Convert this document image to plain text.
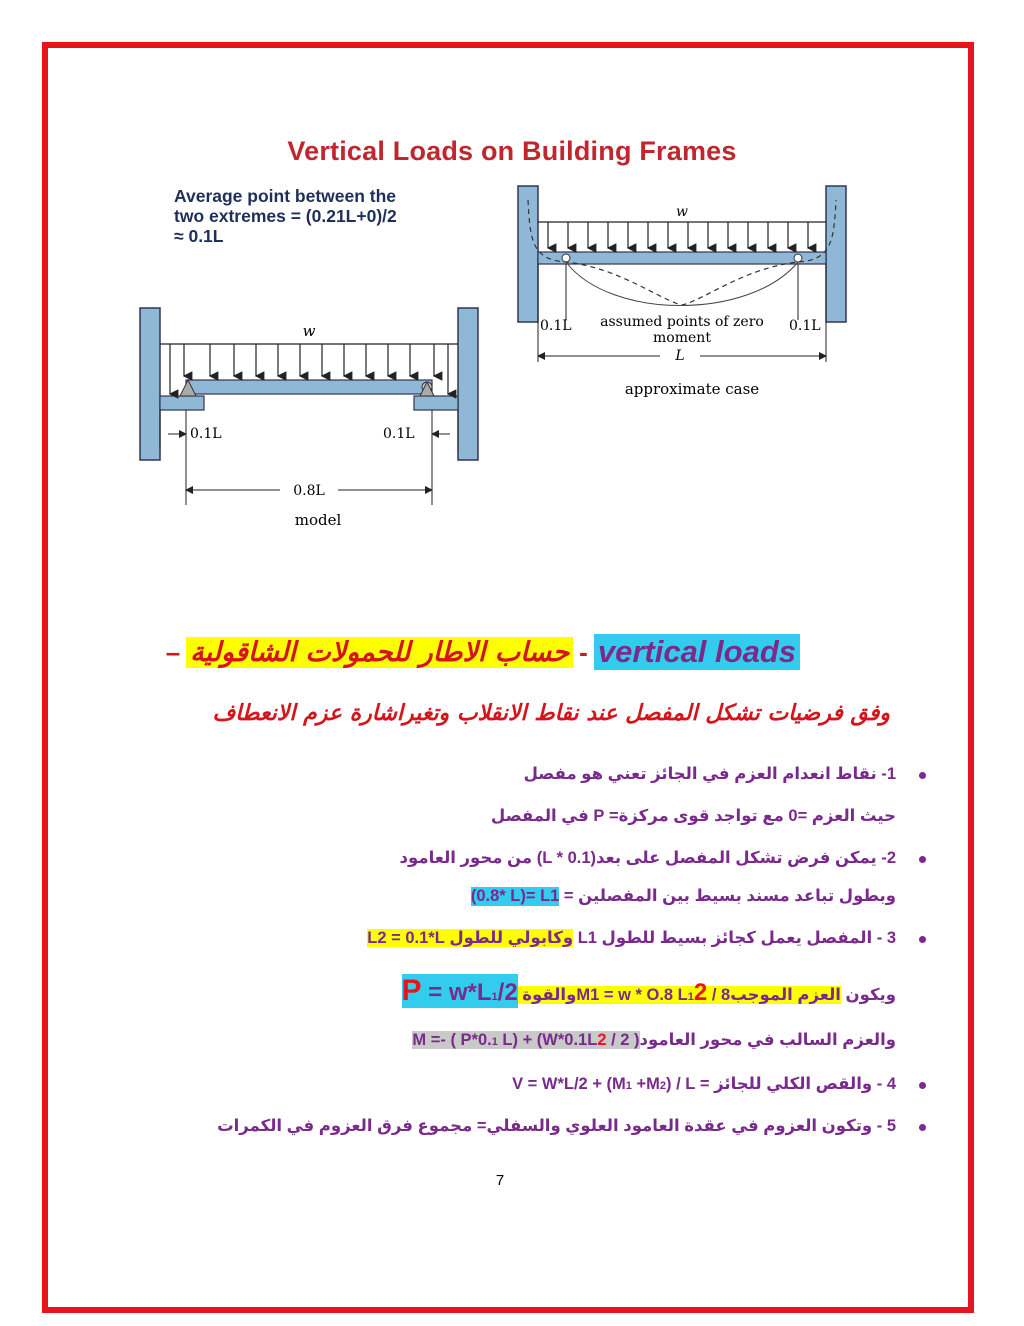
Vertical Loads on Building Frames
Average point between the
two extremes = (0.21L+0)/2
≈ 0.1L
w
0.1L	0.1L
0.8L
model
w
0.1L	0.1L
assumed points of zero
moment
L
approximate case
vertical loads
-
حساب الاطار للحمولات الشاقولية
–
وفق فرضيات تشكل المفصل عند نقاط الانقلاب وتغيراشارة عزم الانعطاف
1- نقاط انعدام العزم في الجائز تعني هو مفصل
حيث العزم =0 مع تواجد قوى مركزة= P في المفصل
2- يمكن فرض تشكل المفصل على بعد(L * 0.1) من محور العامود
وبطول تباعد مسند بسيط بين المفصلين = (0.8* L)= L1
3 - المفصل يعمل كجائز بسيط للطول L1 وكابولي للطول L2 = 0.1*L
ويكون العزم الموجب8 / M1 = w * O.8 L12والقوة P = w*L1/2
والعزم السالب في محور العامود( 2 / 2M =- ( P*0.1 L) + (W*0.1L
4 - والقص الكلي للجائز = V = W*L/2 + (M1 +M2) / L
5 - وتكون العزوم في عقدة العامود العلوي والسفلي= مجموع فرق العزوم في الكمرات
7
